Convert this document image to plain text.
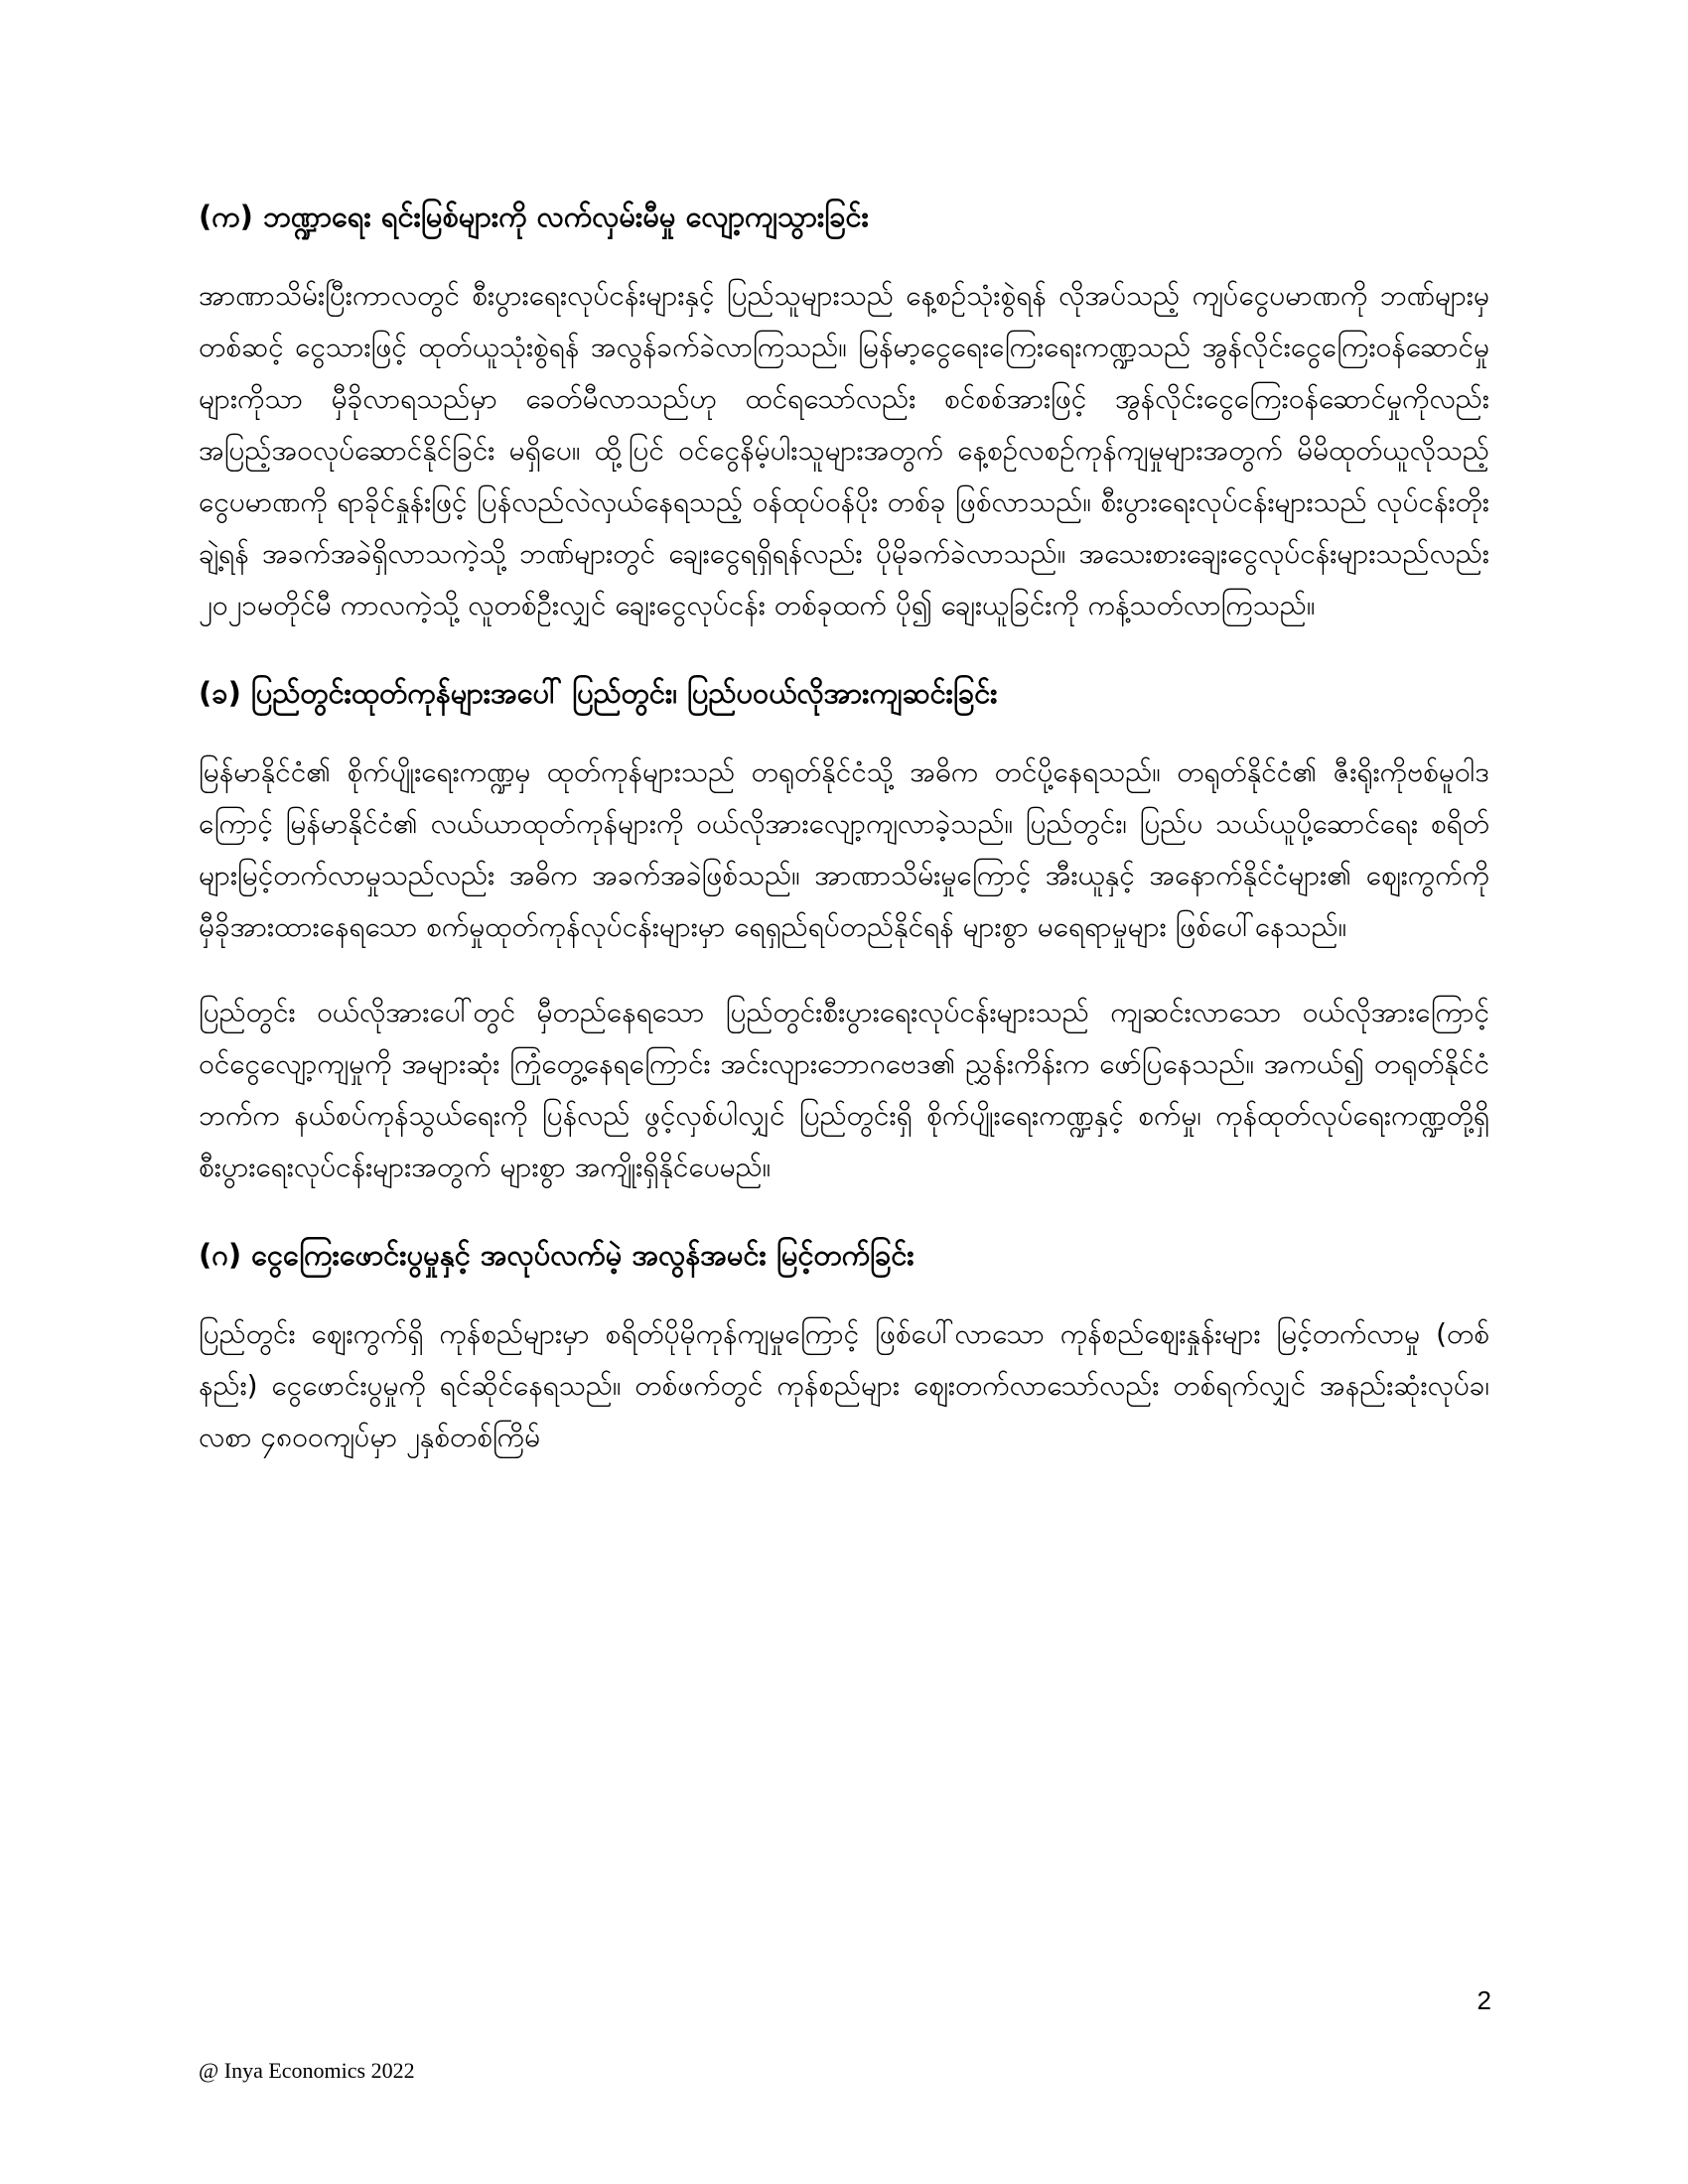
(က) ဘဏ္ဍာရေး ရင်းမြစ်များကို လက်လှမ်းမီမှု လျော့ကျသွားခြင်း

အာဏာသိမ်းပြီးကာလတွင် စီးပွားရေးလုပ်ငန်းများနှင့် ပြည်သူများသည် နေ့စဉ်သုံးစွဲရန် လိုအပ်သည့် ကျပ်ငွေပမာဏကို ဘဏ်များမှ တစ်ဆင့် ငွေသားဖြင့် ထုတ်ယူသုံးစွဲရန် အလွန်ခက်ခဲလာကြသည်။ မြန်မာ့ငွေရေးကြေးရေးကဏ္ဍသည် အွန်လိုင်းငွေကြေးဝန်ဆောင်မှုများကိုသာ မှီခိုလာရသည်မှာ ခေတ်မီလာသည်ဟု ထင်ရသော်လည်း စင်စစ်အားဖြင့် အွန်လိုင်းငွေကြေးဝန်ဆောင်မှုကိုလည်း အပြည့်အဝလုပ်ဆောင်နိုင်ခြင်း မရှိပေ။ ထို့ပြင် ဝင်ငွေနိမ့်ပါးသူများအတွက် နေ့စဉ်လစဉ်ကုန်ကျမှုများအတွက် မိမိထုတ်ယူလိုသည့် ငွေပမာဏကို ရာခိုင်နှုန်းဖြင့် ပြန်လည်လဲလှယ်နေရသည့် ဝန်ထုပ်ဝန်ပိုး တစ်ခု ဖြစ်လာသည်။ စီးပွားရေးလုပ်ငန်းများသည် လုပ်ငန်းတိုးချဲ့ရန် အခက်အခဲရှိလာသကဲ့သို့ ဘဏ်များတွင် ချေးငွေရရှိရန်လည်း ပိုမိုခက်ခဲလာသည်။ အသေးစားချေးငွေလုပ်ငန်းများသည်လည်း ၂၀၂၁မတိုင်မီ ကာလကဲ့သို့ လူတစ်ဦးလျှင် ချေးငွေလုပ်ငန်း တစ်ခုထက် ပို၍ ချေးယူခြင်းကို ကန့်သတ်လာကြသည်။

(ခ) ပြည်တွင်းထုတ်ကုန်များအပေါ် ပြည်တွင်း၊ ပြည်ပဝယ်လိုအားကျဆင်းခြင်း

မြန်မာနိုင်ငံ၏ စိုက်ပျိုးရေးကဏ္ဍမှ ထုတ်ကုန်များသည် တရုတ်နိုင်ငံသို့ အဓိက တင်ပို့နေရသည်။ တရုတ်နိုင်ငံ၏ ဇီးရိုးကိုဗစ်မူဝါဒကြောင့် မြန်မာနိုင်ငံ၏ လယ်ယာထုတ်ကုန်များကို ဝယ်လိုအားလျော့ကျလာခဲ့သည်။ ပြည်တွင်း၊ ပြည်ပ သယ်ယူပို့ဆောင်ရေး စရိတ်များမြင့်တက်လာမှုသည်လည်း အဓိက အခက်အခဲဖြစ်သည်။ အာဏာသိမ်းမှုကြောင့် အီးယူနှင့် အနောက်နိုင်ငံများ၏ ဈေးကွက်ကို မှီခိုအားထားနေရသော စက်မှုထုတ်ကုန်လုပ်ငန်းများမှာ ရေရှည်ရပ်တည်နိုင်ရန် များစွာ မရေရာမှုများ ဖြစ်ပေါ်နေသည်။

ပြည်တွင်း ဝယ်လိုအားပေါ်တွင် မှီတည်နေရသော ပြည်တွင်းစီးပွားရေးလုပ်ငန်းများသည် ကျဆင်းလာသော ဝယ်လိုအားကြောင့် ဝင်ငွေလျော့ကျမှုကို အများဆုံး ကြုံတွေ့နေရကြောင်း အင်းလျားဘောဂဗေဒ၏ ညွှန်းကိန်းက ဖော်ပြနေသည်။ အကယ်၍ တရုတ်နိုင်ငံဘက်က နယ်စပ်ကုန်သွယ်ရေးကို ပြန်လည် ဖွင့်လှစ်ပါလျှင် ပြည်တွင်းရှိ စိုက်ပျိုးရေးကဏ္ဍနှင့် စက်မှု၊ ကုန်ထုတ်လုပ်ရေးကဏ္ဍတို့ရှိ စီးပွားရေးလုပ်ငန်းများအတွက် များစွာ အကျိုးရှိနိုင်ပေမည်။

(ဂ) ငွေကြေးဖောင်းပွမှုနှင့် အလုပ်လက်မဲ့ အလွန်အမင်း မြင့်တက်ခြင်း

ပြည်တွင်း ဈေးကွက်ရှိ ကုန်စည်များမှာ စရိတ်ပိုမိုကုန်ကျမှုကြောင့် ဖြစ်ပေါ်လာသော ကုန်စည်ဈေးနှုန်းများ မြင့်တက်လာမှု (တစ်နည်း) ငွေဖောင်းပွမှုကို ရင်ဆိုင်နေရသည်။ တစ်ဖက်တွင် ကုန်စည်များ ဈေးတက်လာသော်လည်း တစ်ရက်လျှင် အနည်းဆုံးလုပ်ခ၊ လစာ ၄၈၀၀ကျပ်မှာ ၂နှစ်တစ်ကြိမ်

2
@ Inya Economics 2022
